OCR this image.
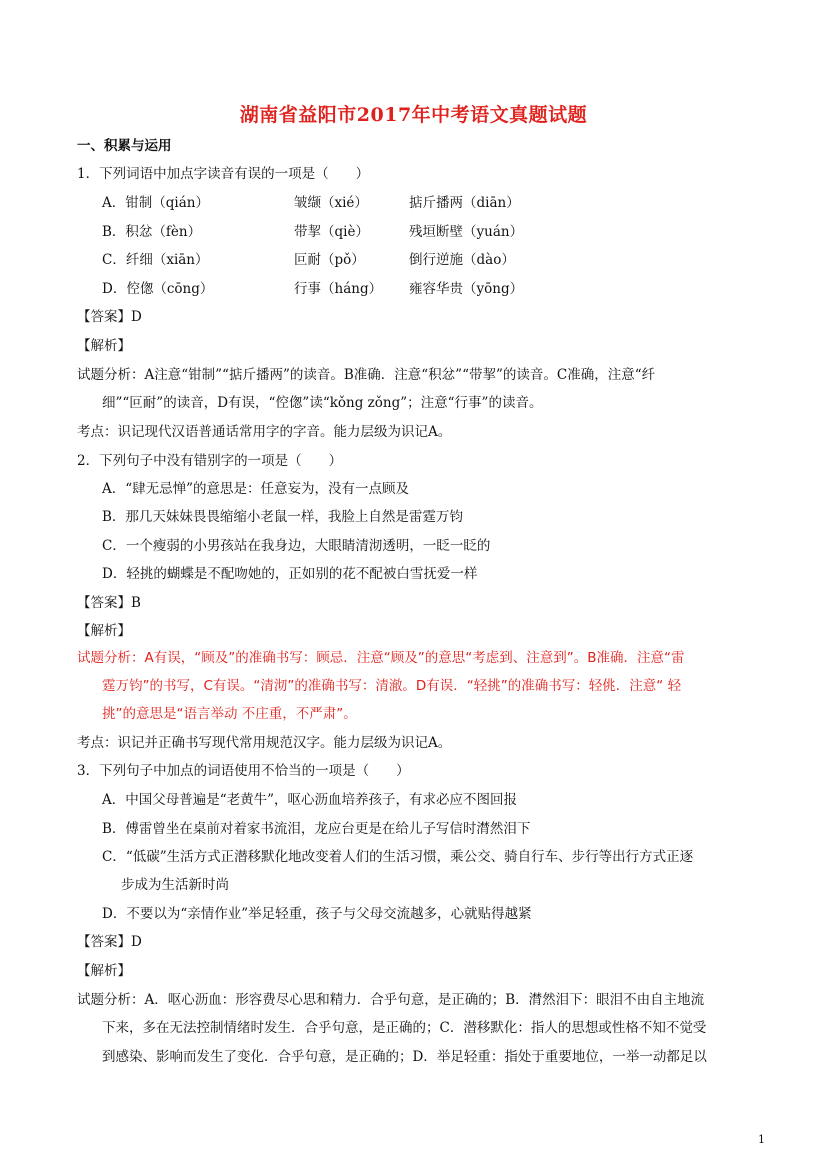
湖南省益阳市2017年中考语文真题试题
一、积累与运用
1．下列词语中加点字读音有误的一项是（　　）
A．钳制（qián）	皱缬（xié）	掂斤播两（diān）
B．积忿（fèn）	带挈（qiè）	残垣断壁（yuán）
C．纤细（xiān）	叵耐（pǒ）	倒行逆施（dào）
D．倥偬（cōng）	行事（háng） 雍容华贵（yōng）
【答案】D
【解析】
试题分析：A注意“钳制”“掂斤播两”的读音。B准确．注意“积忿”“带挈”的读音。C准确，注意“纤
细”“叵耐”的读音，D有误，“倥偬”读“kǒng zǒng”；注意“行事”的读音。
考点：识记现代汉语普通话常用字的字音。能力层级为识记A。
2．下列句子中没有错别字的一项是（　　）
A．“肆无忌惮”的意思是：任意妄为，没有一点顾及
B．那几天妹妹畏畏缩缩小老鼠一样，我脸上自然是雷霆万钧
C．一个瘦弱的小男孩站在我身边，大眼睛清沏透明，一眨一眨的
D．轻挑的蝴蝶是不配吻她的，正如别的花不配被白雪抚爱一样
【答案】B
【解析】
试题分析：A有误，“顾及”的准确书写：顾忌．注意“顾及”的意思“考虑到、注意到”。B准确．注意“雷
霆万钧”的书写，C有误。“清沏”的准确书写：清澈。D有误．“轻挑”的准确书写：轻佻．注意“ 轻
挑”的意思是“语言举动 不庄重，不严肃”。
考点：识记并正确书写现代常用规范汉字。能力层级为识记A。
3．下列句子中加点的词语使用不恰当的一项是（　　）
A．中国父母普遍是“老黄牛”，呕心沥血培养孩子，有求必应不图回报
B．傅雷曾坐在桌前对着家书流泪，龙应台更是在给儿子写信时潸然泪下
C．“低碳”生活方式正潜移默化地改变着人们的生活习惯，乘公交、骑自行车、步行等出行方式正逐
步成为生活新时尚
D．不要以为“亲情作业”举足轻重，孩子与父母交流越多，心就贴得越紧
【答案】D
【解析】
试题分析：A．呕心沥血：形容费尽心思和精力．合乎句意，是正确的；B．潸然泪下：眼泪不由自主地流
下来，多在无法控制情绪时发生．合乎句意，是正确的；C．潜移默化：指人的思想或性格不知不觉受
到感染、影响而发生了变化．合乎句意，是正确的；D．举足轻重：指处于重要地位，一举一动都足以
1
